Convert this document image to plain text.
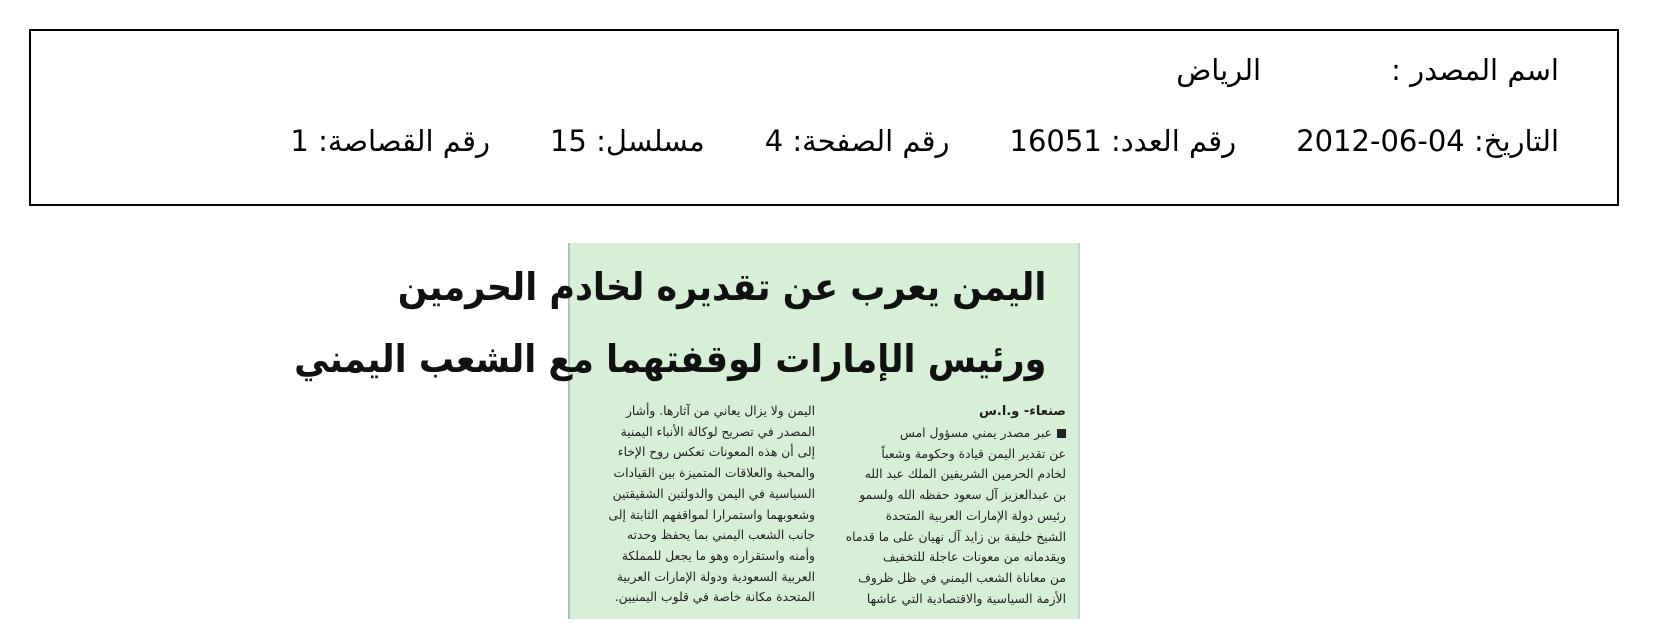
اسم المصدر :
الرياض
التاريخ:

2012-06-04
رقم العدد:

16051
رقم الصفحة:

4
مسلسل:

15
رقم القصاصة:

1
اليمن يعرب عن تقديره لخادم الحرمين
ورئيس الإمارات لوقفتهما مع الشعب اليمني
صنعاء- و.ا.س
عبر مصدر يمني مسؤول امس
عن تقدير اليمن قيادة وحكومة وشعباً
لخادم الحرمين الشريفين الملك عبد الله
بن عبدالعزيز آل سعود حفظه الله ولسمو
رئيس دولة الإمارات العربية المتحدة
الشيخ خليفة بن زايد آل نهيان على ما قدماه
ويقدمانه من معونات عاجلة للتخفيف
من معاناة الشعب اليمني في ظل ظروف
الأزمة السياسية والاقتصادية التي عاشها
اليمن ولا يزال يعاني من آثارها. وأشار
المصدر في تصريح لوكالة الأنباء اليمنية
إلى أن هذه المعونات تعكس روح الإخاء
والمحبة والعلاقات المتميزة بين القيادات
السياسية في اليمن والدولتين الشقيقتين
وشعوبهما واستمرارا لمواقفهم الثابتة إلى
جانب الشعب اليمني بما يحفظ وحدته
وأمنه واستقراره وهو ما يجعل للمملكة
العربية السعودية ودولة الإمارات العربية
المتحدة مكانة خاصة في قلوب اليمنيين.
